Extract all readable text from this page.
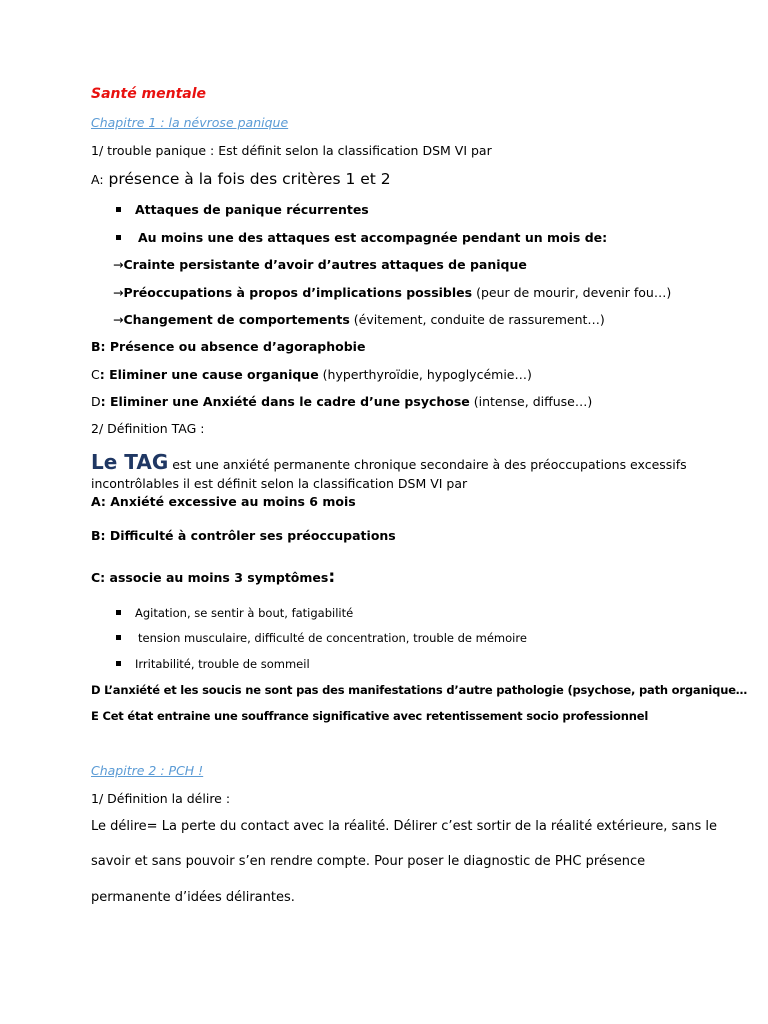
Santé mentale
Chapitre 1 : la névrose panique
1/ trouble panique : Est définit selon la classification DSM VI par
A: présence à la fois des critères 1 et 2
Attaques de panique récurrentes
Au moins une des attaques est accompagnée pendant un mois de:
→Crainte persistante d’avoir d’autres attaques de panique
→Préoccupations à propos d’implications possibles (peur de mourir, devenir fou…)
→Changement de comportements (évitement, conduite de rassurement…)
B: Présence ou absence d’agoraphobie
C: Eliminer une cause organique (hyperthyroïdie, hypoglycémie…)
D: Eliminer une Anxiété dans le cadre d’une psychose (intense, diffuse…)
2/ Définition TAG :
Le TAG est une anxiété permanente chronique secondaire à des préoccupations excessifs
incontrôlables il est définit selon la classification DSM VI par
A: Anxiété excessive au moins 6 mois
B: Difficulté à contrôler ses préoccupations
C: associe au moins 3 symptômes:
Agitation, se sentir à bout, fatigabilité
tension musculaire, difficulté de concentration, trouble de mémoire
Irritabilité, trouble de sommeil
D L’anxiété et les soucis ne sont pas des manifestations d’autre pathologie (psychose, path organique…
E Cet état entraine une souffrance significative avec retentissement socio professionnel
Chapitre 2 : PCH !
1/ Définition la délire :
Le délire= La perte du contact avec la réalité. Délirer c’est sortir de la réalité extérieure, sans le
savoir et sans pouvoir s’en rendre compte. Pour poser le diagnostic de PHC présence
permanente d’idées délirantes.
